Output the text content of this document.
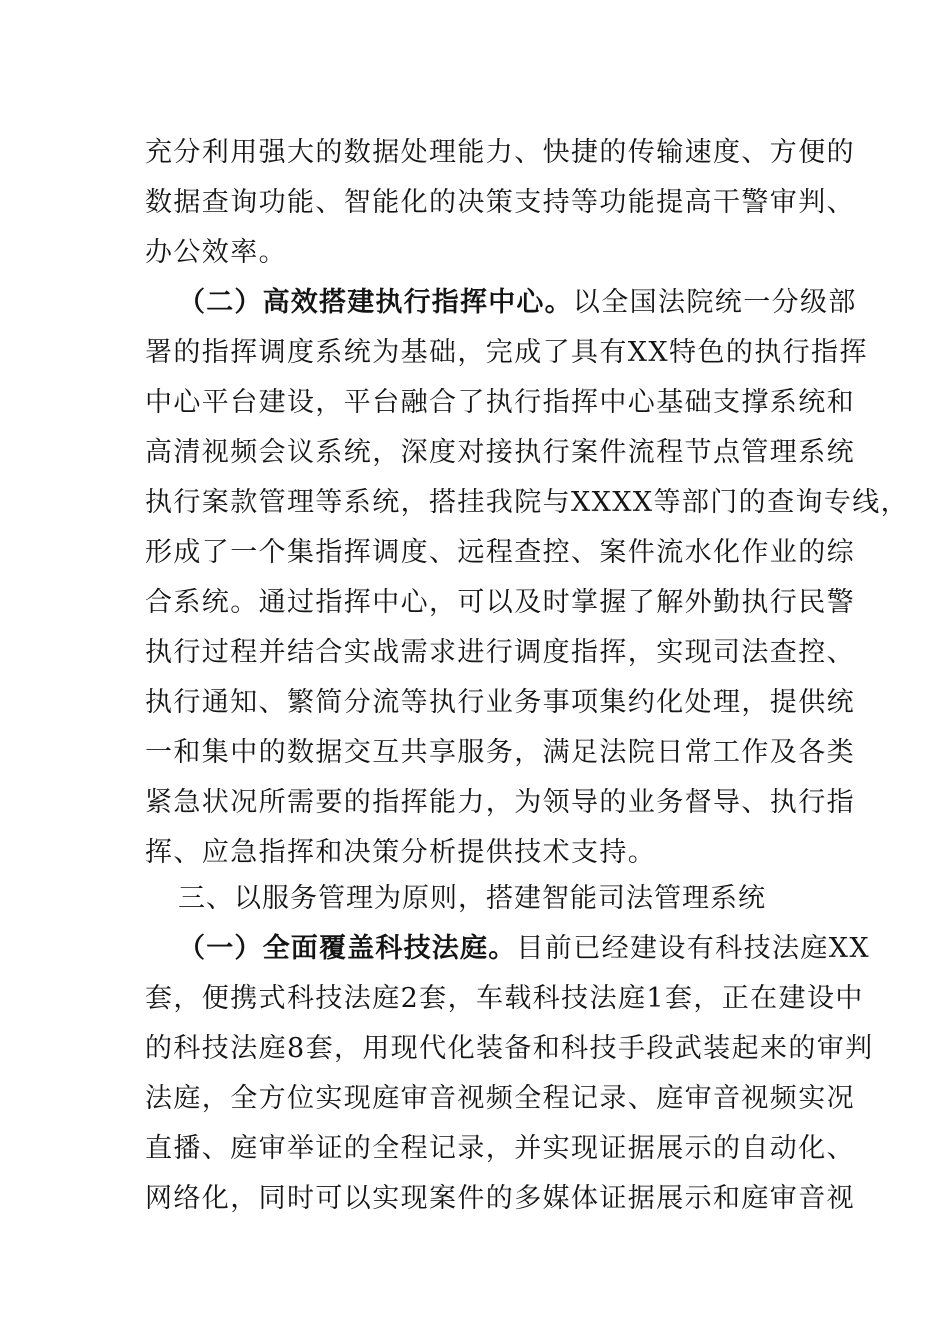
充分利用强大的数据处理能力、快捷的传输速度、方便的
数据查询功能、智能化的决策支持等功能提高干警审判、
办公效率。
（二）高效搭建执行指挥中心。以全国法院统一分级部
署的指挥调度系统为基础，完成了具有XX特色的执行指挥
中心平台建设，平台融合了执行指挥中心基础支撑系统和
高清视频会议系统，深度对接执行案件流程节点管理系统
执行案款管理等系统，搭挂我院与XXXX等部门的查询专线，
形成了一个集指挥调度、远程查控、案件流水化作业的综
合系统。通过指挥中心，可以及时掌握了解外勤执行民警
执行过程并结合实战需求进行调度指挥，实现司法查控、
执行通知、繁简分流等执行业务事项集约化处理，提供统
一和集中的数据交互共享服务，满足法院日常工作及各类
紧急状况所需要的指挥能力，为领导的业务督导、执行指
挥、应急指挥和决策分析提供技术支持。
三、以服务管理为原则，搭建智能司法管理系统
（一）全面覆盖科技法庭。目前已经建设有科技法庭XX
套，便携式科技法庭2套，车载科技法庭1套，正在建设中
的科技法庭8套，用现代化装备和科技手段武装起来的审判
法庭，全方位实现庭审音视频全程记录、庭审音视频实况
直播、庭审举证的全程记录，并实现证据展示的自动化、
网络化，同时可以实现案件的多媒体证据展示和庭审音视
